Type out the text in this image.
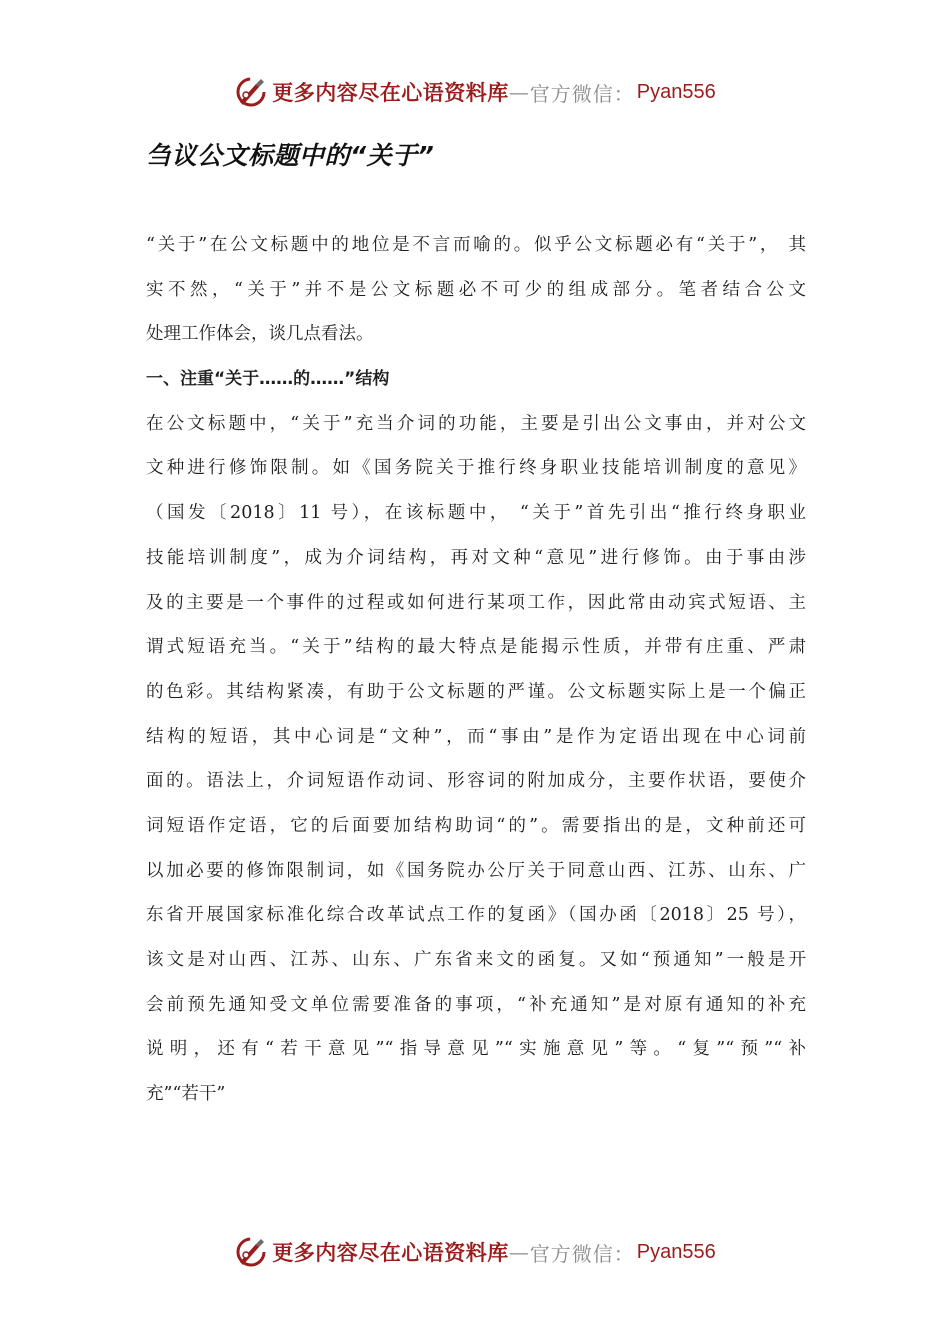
更多内容尽在心语资料库 — 官方微信： Pyan556
刍议公文标题中的“关于”
“关于”在公文标题中的地位是不言而喻的。似乎公文标题必有“关于”， 其
实不然，“关于”并不是公文标题必不可少的组成部分。笔者结合公文
处理工作体会，谈几点看法。
一、注重“关于……的……”结构
在公文标题中，“关于”充当介词的功能，主要是引出公文事由，并对公文
文种进行修饰限制。如《国务院关于推行终身职业技能培训制度的意见》
（国发〔2018〕11 号），在该标题中， “关于”首先引出“推行终身职业
技能培训制度”，成为介词结构，再对文种“意见”进行修饰。由于事由涉
及的主要是一个事件的过程或如何进行某项工作，因此常由动宾式短语、主
谓式短语充当。“关于”结构的最大特点是能揭示性质，并带有庄重、严肃
的色彩。其结构紧凑，有助于公文标题的严谨。公文标题实际上是一个偏正
结构的短语，其中心词是“文种”，而“事由”是作为定语出现在中心词前
面的。语法上，介词短语作动词、形容词的附加成分，主要作状语，要使介
词短语作定语，它的后面要加结构助词“的”。需要指出的是，文种前还可
以加必要的修饰限制词，如《国务院办公厅关于同意山西、江苏、山东、广
东省开展国家标准化综合改革试点工作的复函》（国办函〔2018〕25 号），
该文是对山西、江苏、山东、广东省来文的函复。又如“预通知”一般是开
会前预先通知受文单位需要准备的事项，“补充通知”是对原有通知的补充
说明，还有“若干意见”“指导意见”“实施意见”等。“复”“预”“补
充”“若干”
更多内容尽在心语资料库 — 官方微信： Pyan556
